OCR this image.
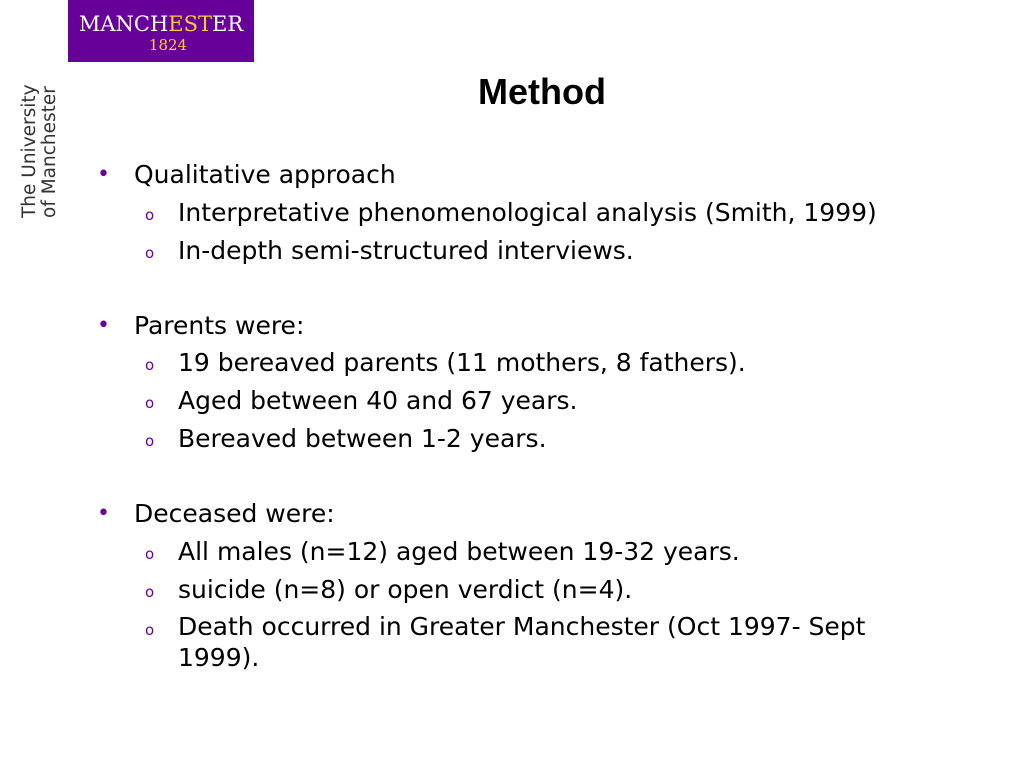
MANCHESTER
1824
The University of Manchester	Method
• Qualitative approach
o Interpretative phenomenological analysis (Smith, 1999)
o In-depth semi-structured interviews.
• Parents were:
o 19 bereaved parents (11 mothers, 8 fathers).
o Aged between 40 and 67 years.
o Bereaved between 1-2 years.
• Deceased were:
o All males (n=12) aged between 19-32 years.
o suicide (n=8) or open verdict (n=4).
o Death occurred in Greater Manchester (Oct 1997- Sept
1999).
